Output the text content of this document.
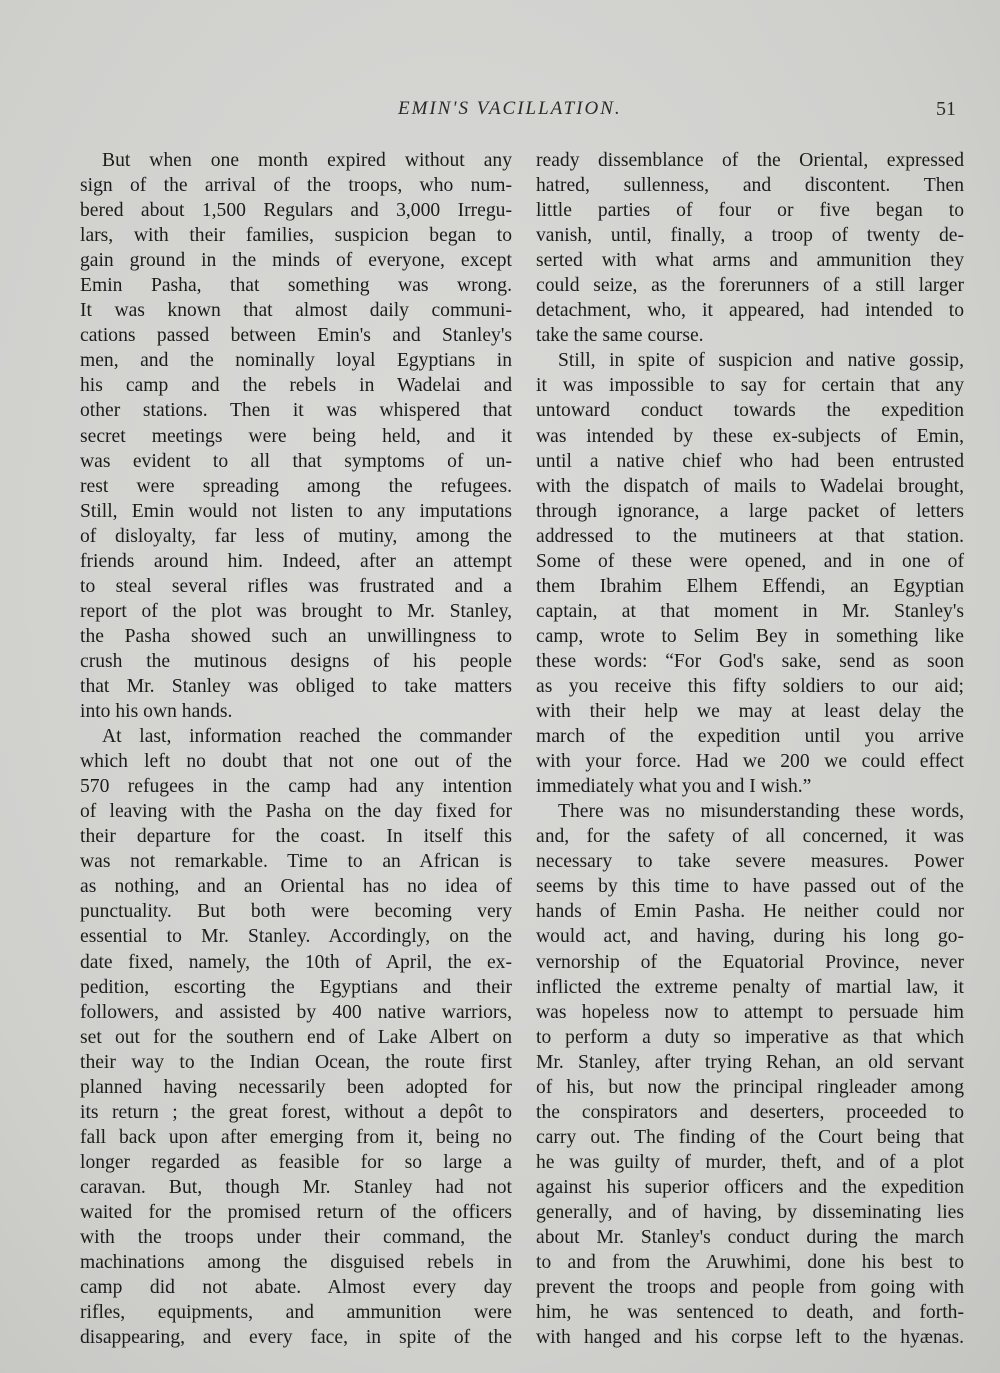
EMIN'S VACILLATION.	51
But when one month expired without any
sign of the arrival of the troops, who num-
bered about 1,500 Regulars and 3,000 Irregu-
lars, with their families, suspicion began to
gain ground in the minds of everyone, except
Emin Pasha, that something was wrong.
It was known that almost daily communi-
cations passed between Emin's and Stanley's
men, and the nominally loyal Egyptians in
his camp and the rebels in Wadelai and
other stations. Then it was whispered that
secret meetings were being held, and it
was evident to all that symptoms of un-
rest were spreading among the refugees.
Still, Emin would not listen to any imputations
of disloyalty, far less of mutiny, among the
friends around him. Indeed, after an attempt
to steal several rifles was frustrated and a
report of the plot was brought to Mr. Stanley,
the Pasha showed such an unwillingness to
crush the mutinous designs of his people
that Mr. Stanley was obliged to take matters
into his own hands.
At last, information reached the commander
which left no doubt that not one out of the
570 refugees in the camp had any intention
of leaving with the Pasha on the day fixed for
their departure for the coast. In itself this
was not remarkable. Time to an African is
as nothing, and an Oriental has no idea of
punctuality. But both were becoming very
essential to Mr. Stanley. Accordingly, on the
date fixed, namely, the 10th of April, the ex-
pedition, escorting the Egyptians and their
followers, and assisted by 400 native warriors,
set out for the southern end of Lake Albert on
their way to the Indian Ocean, the route first
planned having necessarily been adopted for
its return ; the great forest, without a depôt to
fall back upon after emerging from it, being no
longer regarded as feasible for so large a
caravan. But, though Mr. Stanley had not
waited for the promised return of the officers
with the troops under their command, the
machinations among the disguised rebels in
camp did not abate. Almost every day
rifles, equipments, and ammunition were
disappearing, and every face, in spite of the
ready dissemblance of the Oriental, expressed
hatred, sullenness, and discontent. Then
little parties of four or five began to
vanish, until, finally, a troop of twenty de-
serted with what arms and ammunition they
could seize, as the forerunners of a still larger
detachment, who, it appeared, had intended to
take the same course.
Still, in spite of suspicion and native gossip,
it was impossible to say for certain that any
untoward conduct towards the expedition
was intended by these ex-subjects of Emin,
until a native chief who had been entrusted
with the dispatch of mails to Wadelai brought,
through ignorance, a large packet of letters
addressed to the mutineers at that station.
Some of these were opened, and in one of
them Ibrahim Elhem Effendi, an Egyptian
captain, at that moment in Mr. Stanley's
camp, wrote to Selim Bey in something like
these words: “For God's sake, send as soon
as you receive this fifty soldiers to our aid;
with their help we may at least delay the
march of the expedition until you arrive
with your force. Had we 200 we could effect
immediately what you and I wish.”
There was no misunderstanding these words,
and, for the safety of all concerned, it was
necessary to take severe measures. Power
seems by this time to have passed out of the
hands of Emin Pasha. He neither could nor
would act, and having, during his long go-
vernorship of the Equatorial Province, never
inflicted the extreme penalty of martial law, it
was hopeless now to attempt to persuade him
to perform a duty so imperative as that which
Mr. Stanley, after trying Rehan, an old servant
of his, but now the principal ringleader among
the conspirators and deserters, proceeded to
carry out. The finding of the Court being that
he was guilty of murder, theft, and of a plot
against his superior officers and the expedition
generally, and of having, by disseminating lies
about Mr. Stanley's conduct during the march
to and from the Aruwhimi, done his best to
prevent the troops and people from going with
him, he was sentenced to death, and forth-
with hanged and his corpse left to the hyænas.
